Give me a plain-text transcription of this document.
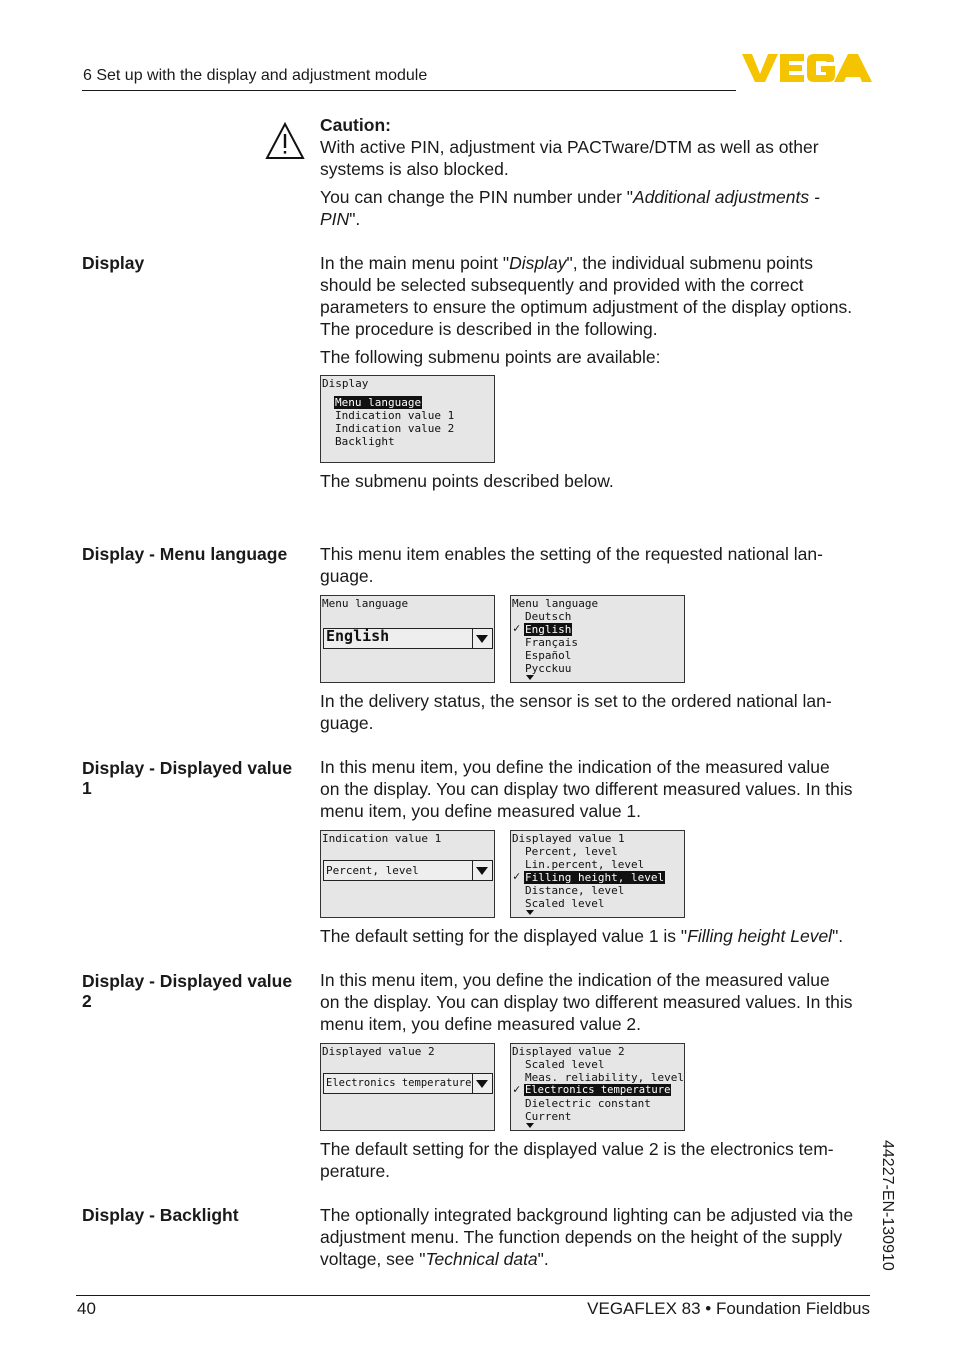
6 Set up with the display and adjustment module
Caution:
With active PIN, adjustment via PACTware/DTM as well as other
systems is also blocked.
You can change the PIN number under "Additional adjustments -
PIN".
Display	In the main menu point "Display", the individual submenu points
should be selected subsequently and provided with the correct
parameters to ensure the optimum adjustment of the display options.
The procedure is described in the following.
The following submenu points are available:
Display
Menu language
Indication value 1
Indication value 2
Backlight
The submenu points described below.
Display - Menu language	This menu item enables the setting of the requested national lan-
guage.
Menu language
English
Menu language
Deutsch
✓ English
Français
Español
Pycckuu
In the delivery status, the sensor is set to the ordered national lan-
guage.
Display - Displayed value
1
In this menu item, you define the indication of the measured value
on the display. You can display two different measured values. In this
menu item, you define measured value 1.
Indication value 1
Percent, level
Displayed value 1
Percent, level
Lin.percent, level
✓ Filling height, level
Distance, level
Scaled level
The default setting for the displayed value 1 is "Filling height Level".
Display - Displayed value
2
In this menu item, you define the indication of the measured value
on the display. You can display two different measured values. In this
menu item, you define measured value 2.
Displayed value 2
Electronics temperature
Displayed value 2
Scaled level
Meas. reliability, level
✓ Electronics temperature
Dielectric constant
Current
The default setting for the displayed value 2 is the electronics tem-
perature.
Display - Backlight	The optionally integrated background lighting can be adjusted via the
adjustment menu. The function depends on the height of the supply
voltage, see "Technical data".	44227-EN-130910
40	VEGAFLEX 83 • Foundation Fieldbus
